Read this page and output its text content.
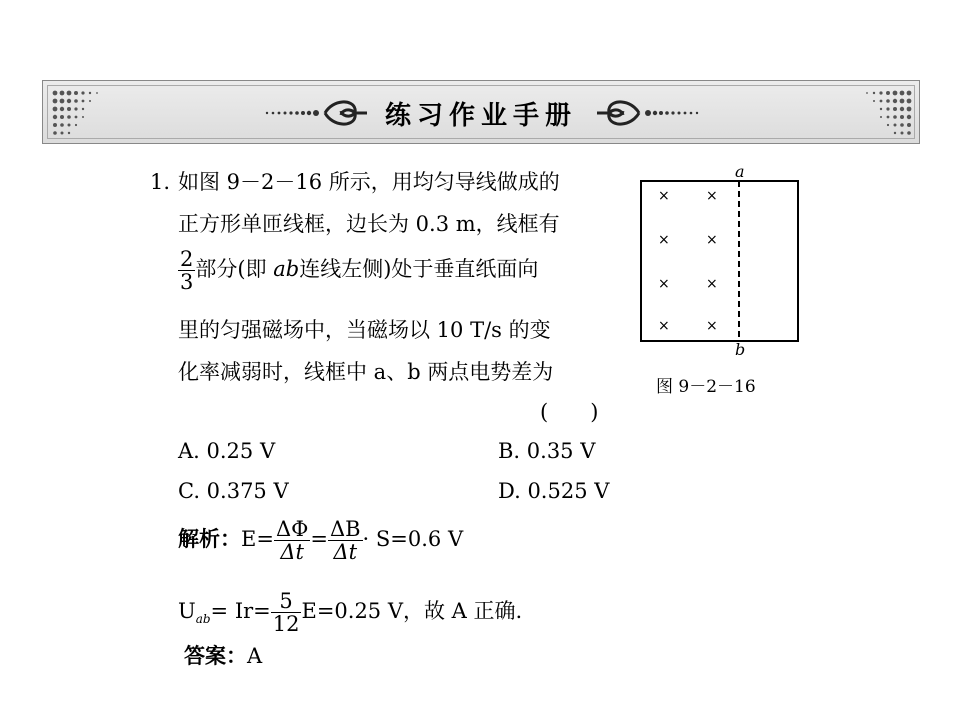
练习作业手册
1. 如图 9－2－16 所示，用均匀导线做成的
正方形单匝线框，边长为 0.3 m，线框有
$\frac{2}{3}$ 部分(即 ab连线左侧)处于垂直纸面向
里的匀强磁场中，当磁场以 10 T/s 的变
化率减弱时，线框中 a、b 两点电势差为
(　　)
A. 0.25 V	B. 0.35 V
C. 0.375 V	D. 0.525 V
解析：$E= \frac{\Delta\Phi}{\Delta t} = \frac{\Delta B}{\Delta t} \cdot S=0.6$ V
$U_{ab}= Ir= \frac{5}{12} E=0.25$ V，故 A 正确.
答案：A
a
b
×	×
×	×
×	×
×	×
图 9－2－16
